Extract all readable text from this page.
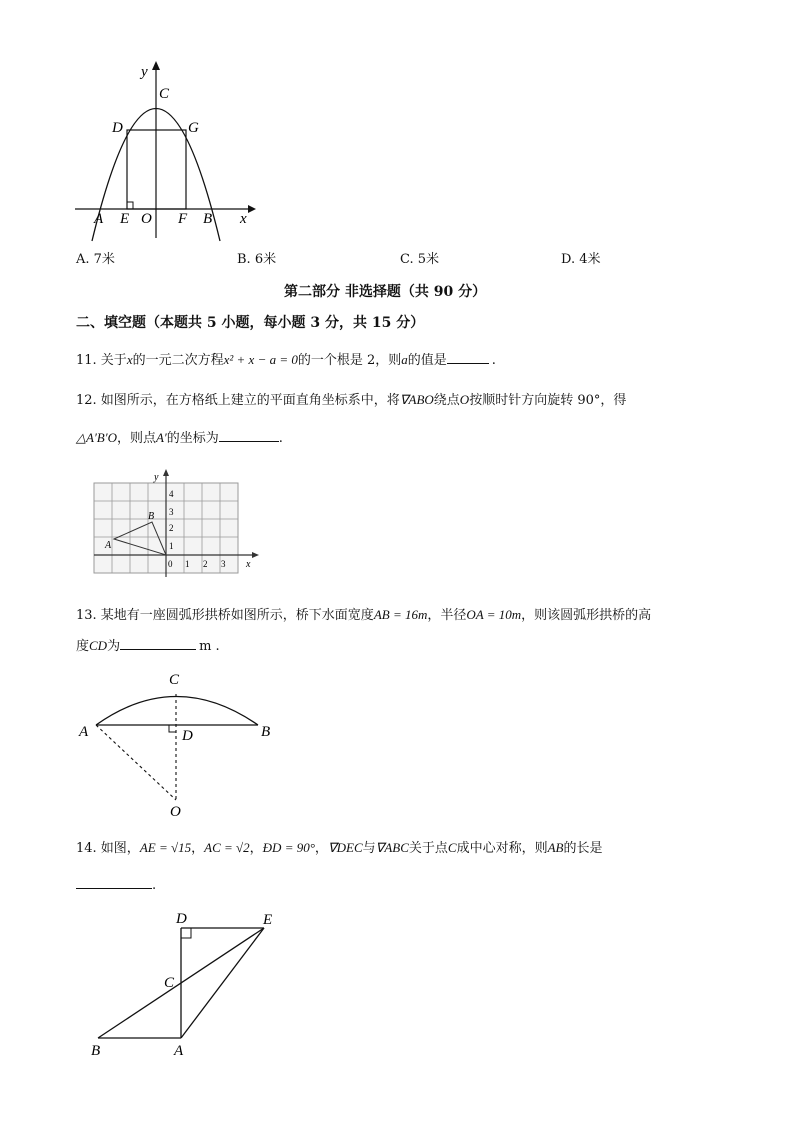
y
x
C
D	G
A E O F B
A. 7米	B. 6米	C. 5米	D. 4米
第二部分 非选择题（共 90 分）
二、填空题（本题共 5 小题，每小题 3 分，共 15 分）
11. 关于x的一元二次方程x² + x − a = 0的一个根是 2，则a的值是	.
12. 如图所示，在方格纸上建立的平面直角坐标系中，将∇ABO绕点O按顺时针方向旋转 90°，得
△A′B′O，则点A′的坐标为	.
y
x
4
3
2
1
0 1 2 3
A
B
13. 某地有一座圆弧形拱桥如图所示，桥下水面宽度AB = 16m，半径OA = 10m，则该圆弧形拱桥的高
度CD为	m .
C
A	D	B
O
14. 如图，AE = √15，AC = √2，ÐD = 90°，∇DEC与∇ABC关于点C成中心对称，则AB的长是
.
D	E
C
B	A
